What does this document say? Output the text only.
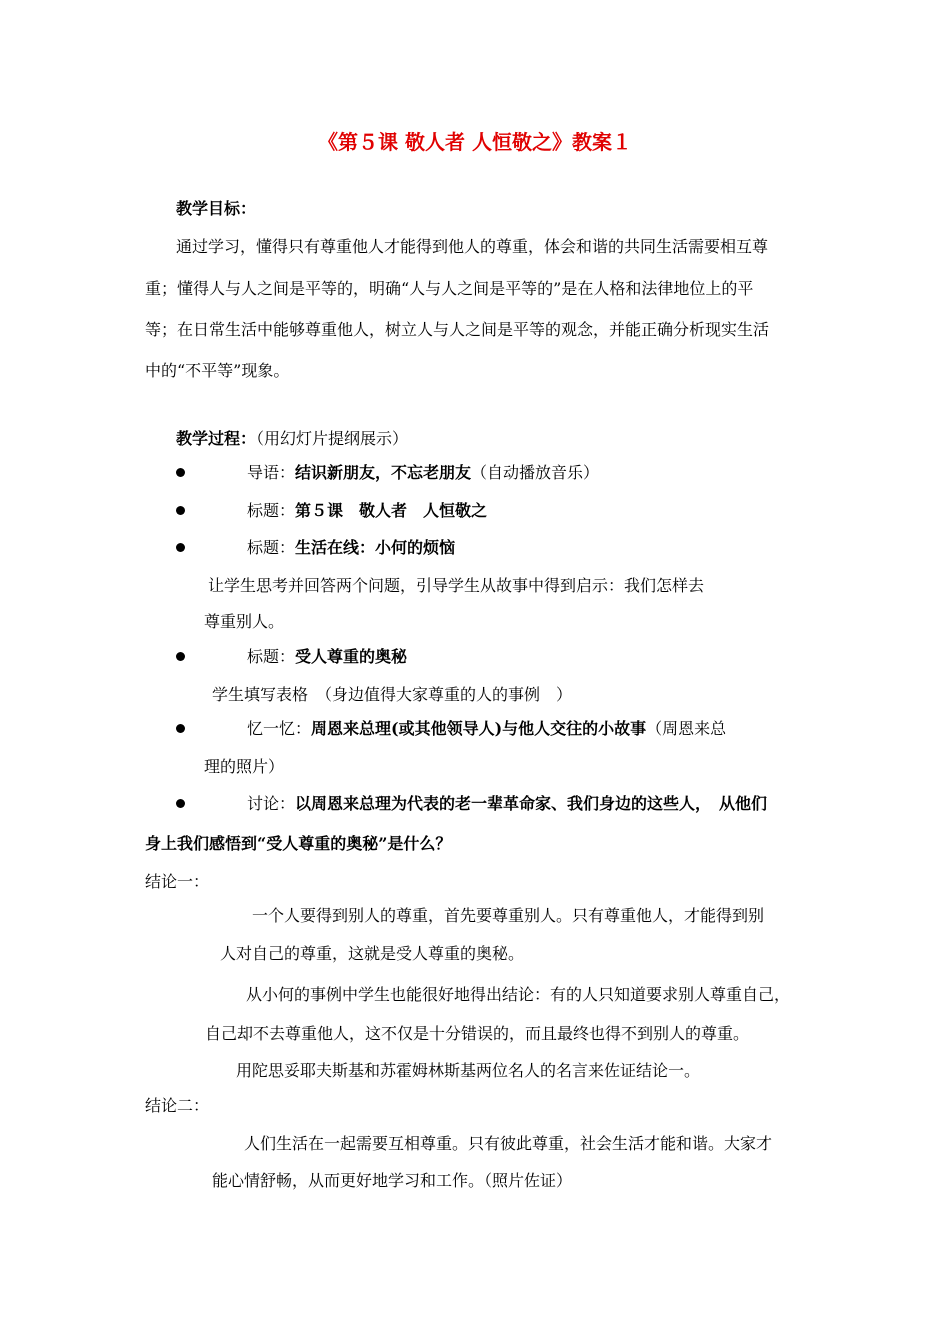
《第５课 敬人者 人恒敬之》教案１
教学目标：
通过学习，懂得只有尊重他人才能得到他人的尊重，体会和谐的共同生活需要相互尊
重；懂得人与人之间是平等的，明确“人与人之间是平等的”是在人格和法律地位上的平
等；在日常生活中能够尊重他人，树立人与人之间是平等的观念，并能正确分析现实生活
中的“不平等”现象。
教学过程：（用幻灯片提纲展示）
导语：结识新朋友，不忘老朋友（自动播放音乐）
标题：第５课　敬人者　人恒敬之
标题：生活在线：小何的烦恼
让学生思考并回答两个问题，引导学生从故事中得到启示：我们怎样去
尊重别人。
标题：受人尊重的奥秘
学生填写表格　（身边值得大家尊重的人的事例　）
忆一忆：周恩来总理(或其他领导人)与他人交往的小故事（周恩来总
理的照片）
讨论：以周恩来总理为代表的老一辈革命家、我们身边的这些人，　从他们
身上我们感悟到“受人尊重的奥秘”是什么？
结论一：
一个人要得到别人的尊重，首先要尊重别人。只有尊重他人，才能得到别
人对自己的尊重，这就是受人尊重的奥秘。
从小何的事例中学生也能很好地得出结论：有的人只知道要求别人尊重自己，
自己却不去尊重他人，这不仅是十分错误的，而且最终也得不到别人的尊重。
用陀思妥耶夫斯基和苏霍姆林斯基两位名人的名言来佐证结论一。
结论二：
人们生活在一起需要互相尊重。只有彼此尊重，社会生活才能和谐。大家才
能心情舒畅，从而更好地学习和工作。（照片佐证）
